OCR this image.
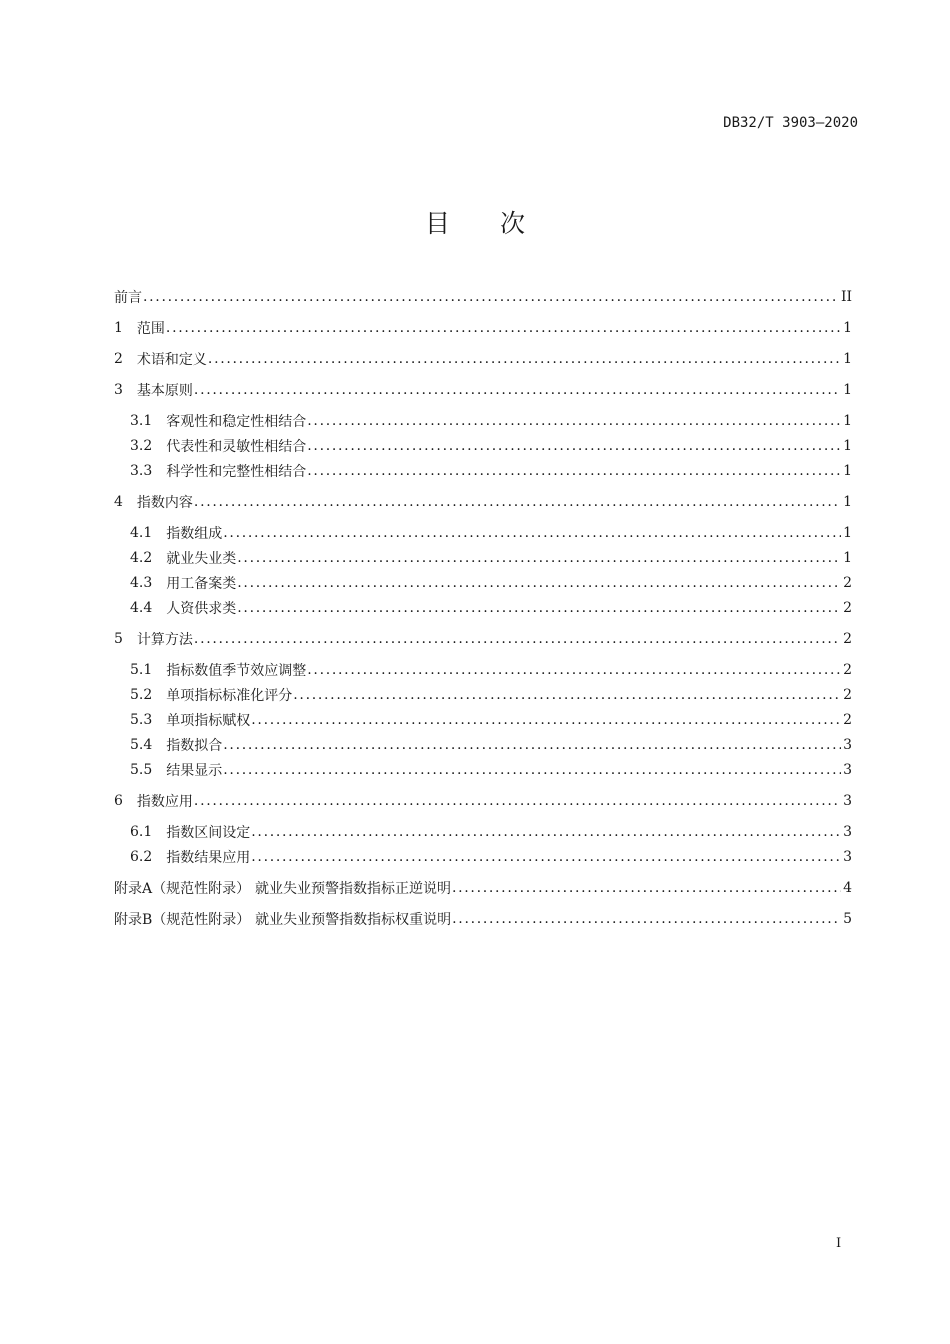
DB32/T 3903—2020
目次
前言 .....	II
1	范围 .....	1
2	术语和定义 .....	1
3	基本原则 .....	1
3.1	客观性和稳定性相结合 .....	1
3.2	代表性和灵敏性相结合 .....	1
3.3	科学性和完整性相结合 .....	1
4	指数内容 .....	1
4.1	指数组成 .....	1
4.2	就业失业类 .....	1
4.3	用工备案类 .....	2
4.4	人资供求类 .....	2
5	计算方法 .....	2
5.1	指标数值季节效应调整 .....	2
5.2	单项指标标准化评分 .....	2
5.3	单项指标赋权 .....	2
5.4	指数拟合 .....	3
5.5	结果显示 .....	3
6	指数应用 .....	3
6.1	指数区间设定 .....	3
6.2	指数结果应用 .....	3
附录A（规范性附录） 就业失业预警指数指标正逆说明 .....	4
附录B（规范性附录） 就业失业预警指数指标权重说明 .....	5
I
